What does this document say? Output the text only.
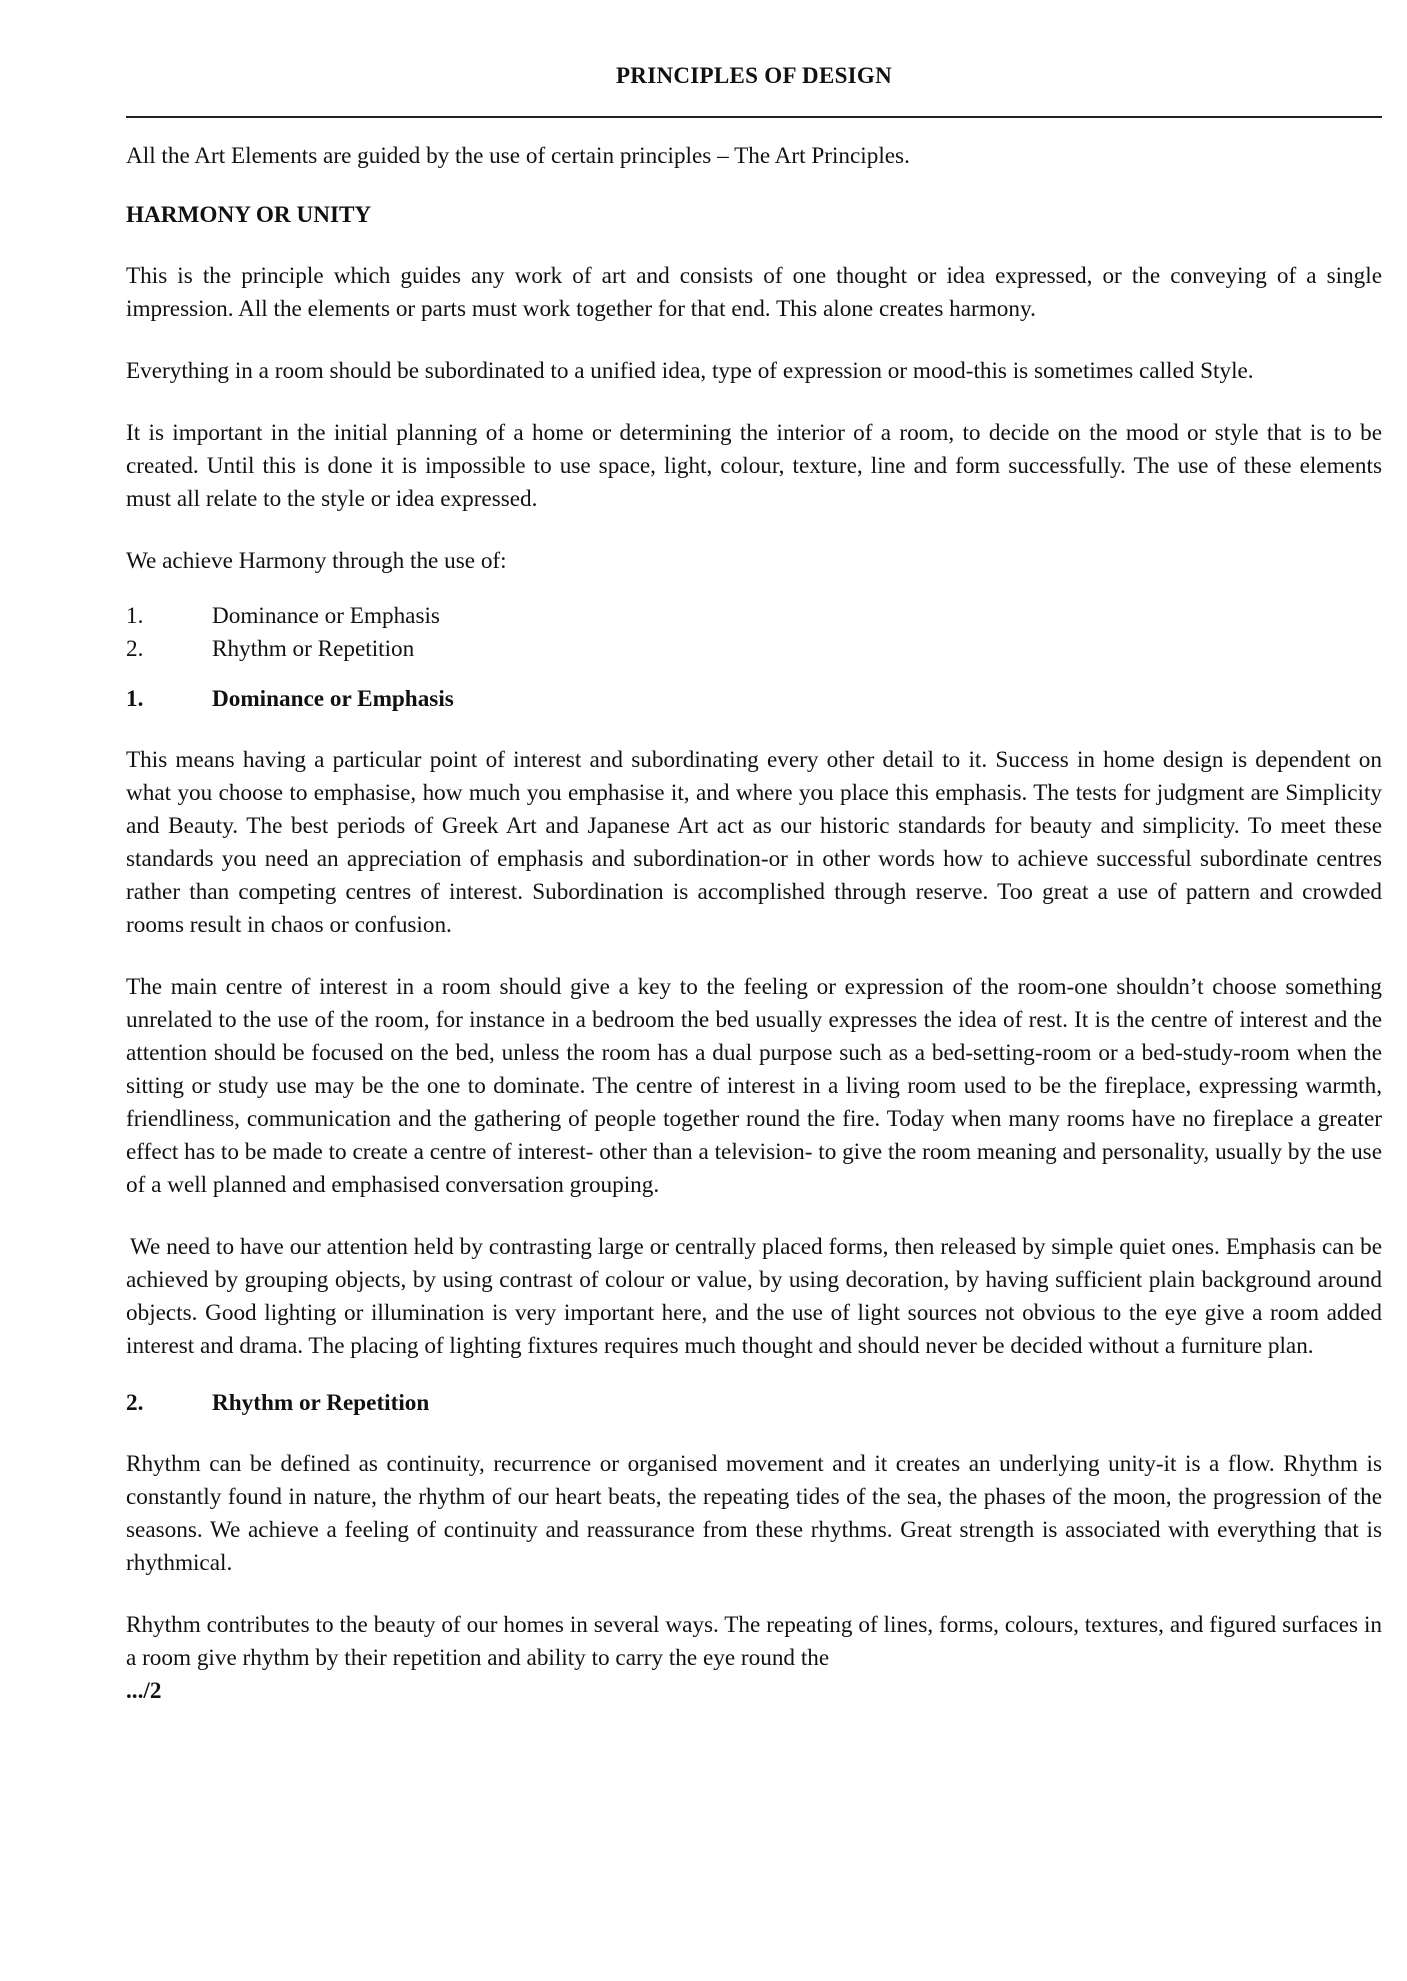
PRINCIPLES OF DESIGN

All the Art Elements are guided by the use of certain principles – The Art Principles.

HARMONY OR UNITY

This is the principle which guides any work of art and consists of one thought or idea expressed, or the conveying of a single impression. All the elements or parts must work together for that end. This alone creates harmony.

Everything in a room should be subordinated to a unified idea, type of expression or mood-this is sometimes called Style.

It is important in the initial planning of a home or determining the interior of a room, to decide on the mood or style that is to be created. Until this is done it is impossible to use space, light, colour, texture, line and form successfully. The use of these elements must all relate to the style or idea expressed.

We achieve Harmony through the use of:

1.	Dominance or Emphasis
2.	Rhythm or Repetition
1.	Dominance or Emphasis

This means having a particular point of interest and subordinating every other detail to it. Success in home design is dependent on what you choose to emphasise, how much you emphasise it, and where you place this emphasis. The tests for judgment are Simplicity and Beauty. The best periods of Greek Art and Japanese Art act as our historic standards for beauty and simplicity. To meet these standards you need an appreciation of emphasis and subordination-or in other words how to achieve successful subordinate centres rather than competing centres of interest. Subordination is accomplished through reserve. Too great a use of pattern and crowded rooms result in chaos or confusion.

The main centre of interest in a room should give a key to the feeling or expression of the room-one shouldn’t choose something unrelated to the use of the room, for instance in a bedroom the bed usually expresses the idea of rest. It is the centre of interest and the attention should be focused on the bed, unless the room has a dual purpose such as a bed-setting-room or a bed-study-room when the sitting or study use may be the one to dominate. The centre of interest in a living room used to be the fireplace, expressing warmth, friendliness, communication and the gathering of people together round the fire. Today when many rooms have no fireplace a greater effect has to be made to create a centre of interest- other than a television- to give the room meaning and personality, usually by the use of a well planned and emphasised conversation grouping.

We need to have our attention held by contrasting large or centrally placed forms, then released by simple quiet ones. Emphasis can be achieved by grouping objects, by using contrast of colour or value, by using decoration, by having sufficient plain background around objects. Good lighting or illumination is very important here, and the use of light sources not obvious to the eye give a room added interest and drama. The placing of lighting fixtures requires much thought and should never be decided without a furniture plan.

2.	Rhythm or Repetition

Rhythm can be defined as continuity, recurrence or organised movement and it creates an underlying unity-it is a flow. Rhythm is constantly found in nature, the rhythm of our heart beats, the repeating tides of the sea, the phases of the moon, the progression of the seasons. We achieve a feeling of continuity and reassurance from these rhythms. Great strength is associated with everything that is rhythmical.

Rhythm contributes to the beauty of our homes in several ways. The repeating of lines, forms, colours, textures, and figured surfaces in a room give rhythm by their repetition and ability to carry the eye round the

.../2
